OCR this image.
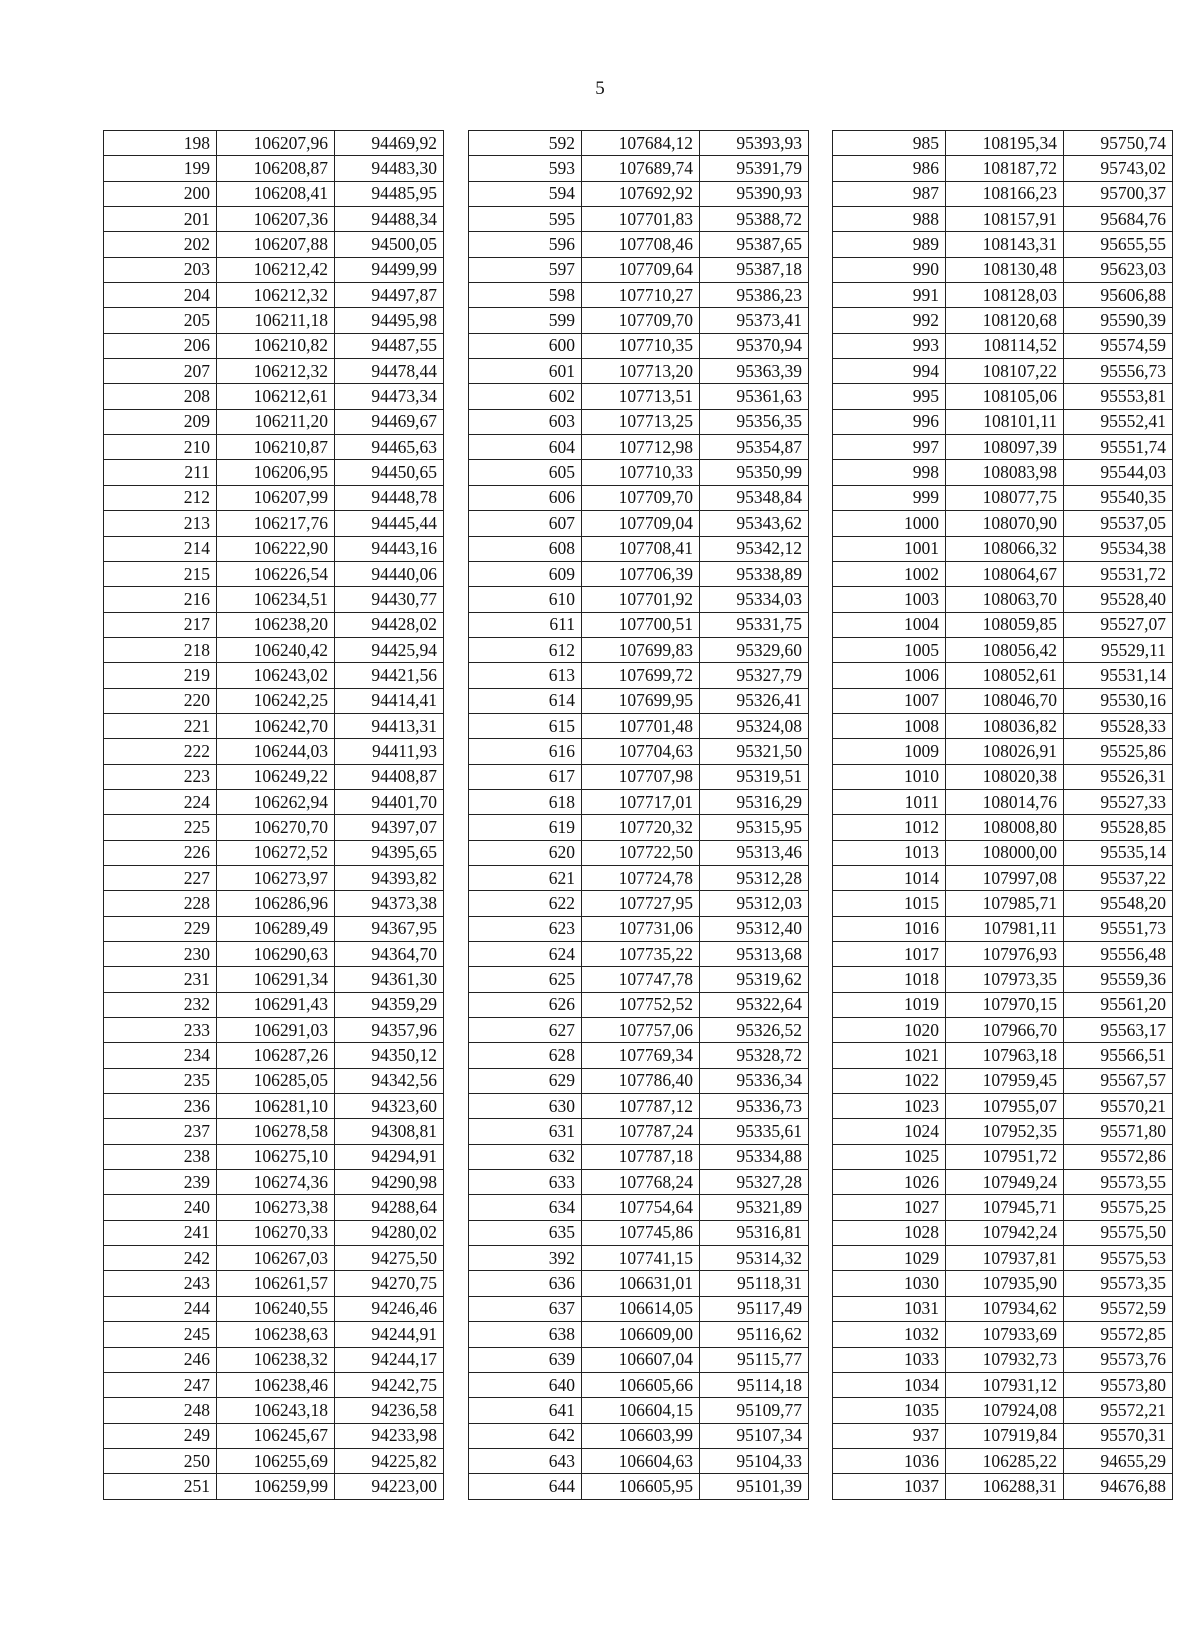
5
198	106207,96	94469,92
199	106208,87	94483,30
200	106208,41	94485,95
201	106207,36	94488,34
202	106207,88	94500,05
203	106212,42	94499,99
204	106212,32	94497,87
205	106211,18	94495,98
206	106210,82	94487,55
207	106212,32	94478,44
208	106212,61	94473,34
209	106211,20	94469,67
210	106210,87	94465,63
211	106206,95	94450,65
212	106207,99	94448,78
213	106217,76	94445,44
214	106222,90	94443,16
215	106226,54	94440,06
216	106234,51	94430,77
217	106238,20	94428,02
218	106240,42	94425,94
219	106243,02	94421,56
220	106242,25	94414,41
221	106242,70	94413,31
222	106244,03	94411,93
223	106249,22	94408,87
224	106262,94	94401,70
225	106270,70	94397,07
226	106272,52	94395,65
227	106273,97	94393,82
228	106286,96	94373,38
229	106289,49	94367,95
230	106290,63	94364,70
231	106291,34	94361,30
232	106291,43	94359,29
233	106291,03	94357,96
234	106287,26	94350,12
235	106285,05	94342,56
236	106281,10	94323,60
237	106278,58	94308,81
238	106275,10	94294,91
239	106274,36	94290,98
240	106273,38	94288,64
241	106270,33	94280,02
242	106267,03	94275,50
243	106261,57	94270,75
244	106240,55	94246,46
245	106238,63	94244,91
246	106238,32	94244,17
247	106238,46	94242,75
248	106243,18	94236,58
249	106245,67	94233,98
250	106255,69	94225,82
251	106259,99	94223,00
592	107684,12	95393,93
593	107689,74	95391,79
594	107692,92	95390,93
595	107701,83	95388,72
596	107708,46	95387,65
597	107709,64	95387,18
598	107710,27	95386,23
599	107709,70	95373,41
600	107710,35	95370,94
601	107713,20	95363,39
602	107713,51	95361,63
603	107713,25	95356,35
604	107712,98	95354,87
605	107710,33	95350,99
606	107709,70	95348,84
607	107709,04	95343,62
608	107708,41	95342,12
609	107706,39	95338,89
610	107701,92	95334,03
611	107700,51	95331,75
612	107699,83	95329,60
613	107699,72	95327,79
614	107699,95	95326,41
615	107701,48	95324,08
616	107704,63	95321,50
617	107707,98	95319,51
618	107717,01	95316,29
619	107720,32	95315,95
620	107722,50	95313,46
621	107724,78	95312,28
622	107727,95	95312,03
623	107731,06	95312,40
624	107735,22	95313,68
625	107747,78	95319,62
626	107752,52	95322,64
627	107757,06	95326,52
628	107769,34	95328,72
629	107786,40	95336,34
630	107787,12	95336,73
631	107787,24	95335,61
632	107787,18	95334,88
633	107768,24	95327,28
634	107754,64	95321,89
635	107745,86	95316,81
392	107741,15	95314,32
636	106631,01	95118,31
637	106614,05	95117,49
638	106609,00	95116,62
639	106607,04	95115,77
640	106605,66	95114,18
641	106604,15	95109,77
642	106603,99	95107,34
643	106604,63	95104,33
644	106605,95	95101,39
985	108195,34	95750,74
986	108187,72	95743,02
987	108166,23	95700,37
988	108157,91	95684,76
989	108143,31	95655,55
990	108130,48	95623,03
991	108128,03	95606,88
992	108120,68	95590,39
993	108114,52	95574,59
994	108107,22	95556,73
995	108105,06	95553,81
996	108101,11	95552,41
997	108097,39	95551,74
998	108083,98	95544,03
999	108077,75	95540,35
1000	108070,90	95537,05
1001	108066,32	95534,38
1002	108064,67	95531,72
1003	108063,70	95528,40
1004	108059,85	95527,07
1005	108056,42	95529,11
1006	108052,61	95531,14
1007	108046,70	95530,16
1008	108036,82	95528,33
1009	108026,91	95525,86
1010	108020,38	95526,31
1011	108014,76	95527,33
1012	108008,80	95528,85
1013	108000,00	95535,14
1014	107997,08	95537,22
1015	107985,71	95548,20
1016	107981,11	95551,73
1017	107976,93	95556,48
1018	107973,35	95559,36
1019	107970,15	95561,20
1020	107966,70	95563,17
1021	107963,18	95566,51
1022	107959,45	95567,57
1023	107955,07	95570,21
1024	107952,35	95571,80
1025	107951,72	95572,86
1026	107949,24	95573,55
1027	107945,71	95575,25
1028	107942,24	95575,50
1029	107937,81	95575,53
1030	107935,90	95573,35
1031	107934,62	95572,59
1032	107933,69	95572,85
1033	107932,73	95573,76
1034	107931,12	95573,80
1035	107924,08	95572,21
937	107919,84	95570,31
1036	106285,22	94655,29
1037	106288,31	94676,88
